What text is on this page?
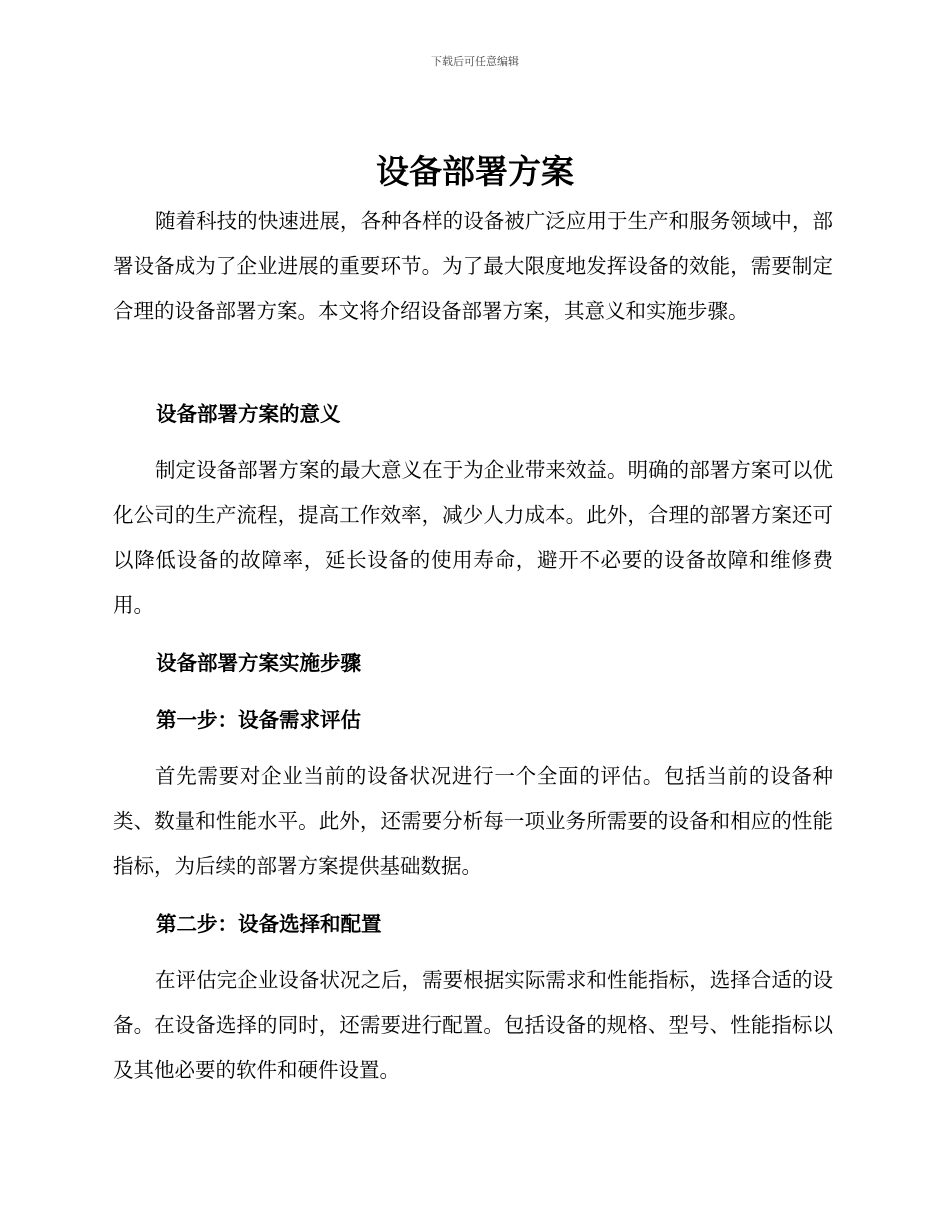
下载后可任意编辑
设备部署方案

随着科技的快速进展，各种各样的设备被广泛应用于生产和服务领域中，部署设备成为了企业进展的重要环节。为了最大限度地发挥设备的效能，需要制定合理的设备部署方案。本文将介绍设备部署方案，其意义和实施步骤。

设备部署方案的意义

制定设备部署方案的最大意义在于为企业带来效益。明确的部署方案可以优化公司的生产流程，提高工作效率，减少人力成本。此外，合理的部署方案还可以降低设备的故障率，延长设备的使用寿命，避开不必要的设备故障和维修费用。

设备部署方案实施步骤
第一步：设备需求评估

首先需要对企业当前的设备状况进行一个全面的评估。包括当前的设备种类、数量和性能水平。此外，还需要分析每一项业务所需要的设备和相应的性能指标，为后续的部署方案提供基础数据。

第二步：设备选择和配置

在评估完企业设备状况之后，需要根据实际需求和性能指标，选择合适的设备。在设备选择的同时，还需要进行配置。包括设备的规格、型号、性能指标以及其他必要的软件和硬件设置。
